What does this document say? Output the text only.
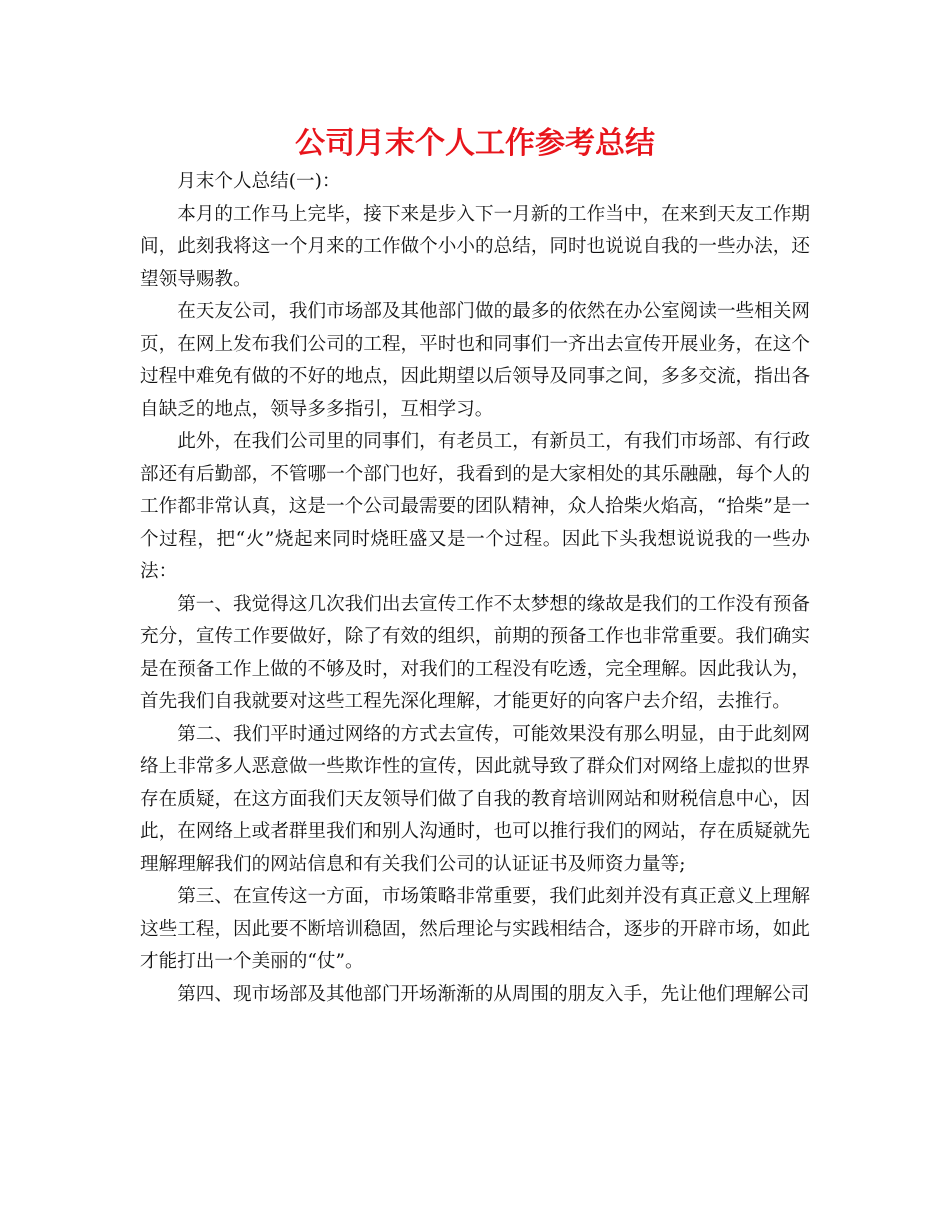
公司月末个人工作参考总结

月末个人总结(一)：

本月的工作马上完毕，接下来是步入下一月新的工作当中，在来到天友工作期间，此刻我将这一个月来的工作做个小小的总结，同时也说说自我的一些办法，还望领导赐教。

在天友公司，我们市场部及其他部门做的最多的依然在办公室阅读一些相关网页，在网上发布我们公司的工程，平时也和同事们一齐出去宣传开展业务，在这个过程中难免有做的不好的地点，因此期望以后领导及同事之间，多多交流，指出各自缺乏的地点，领导多多指引，互相学习。

此外，在我们公司里的同事们，有老员工，有新员工，有我们市场部、有行政部还有后勤部，不管哪一个部门也好，我看到的是大家相处的其乐融融，每个人的工作都非常认真，这是一个公司最需要的团队精神，众人拾柴火焰高，“拾柴”是一个过程，把“火”烧起来同时烧旺盛又是一个过程。因此下头我想说说我的一些办法：

第一、我觉得这几次我们出去宣传工作不太梦想的缘故是我们的工作没有预备充分，宣传工作要做好，除了有效的组织，前期的预备工作也非常重要。我们确实是在预备工作上做的不够及时，对我们的工程没有吃透，完全理解。因此我认为，首先我们自我就要对这些工程先深化理解，才能更好的向客户去介绍，去推行。

第二、我们平时通过网络的方式去宣传，可能效果没有那么明显，由于此刻网络上非常多人恶意做一些欺诈性的宣传，因此就导致了群众们对网络上虚拟的世界存在质疑，在这方面我们天友领导们做了自我的教育培训网站和财税信息中心，因此，在网络上或者群里我们和别人沟通时，也可以推行我们的网站，存在质疑就先理解理解我们的网站信息和有关我们公司的认证证书及师资力量等;

第三、在宣传这一方面，市场策略非常重要，我们此刻并没有真正意义上理解这些工程，因此要不断培训稳固，然后理论与实践相结合，逐步的开辟市场，如此才能打出一个美丽的“仗”。

第四、现市场部及其他部门开场渐渐的从周围的朋友入手，先让他们理解公司
